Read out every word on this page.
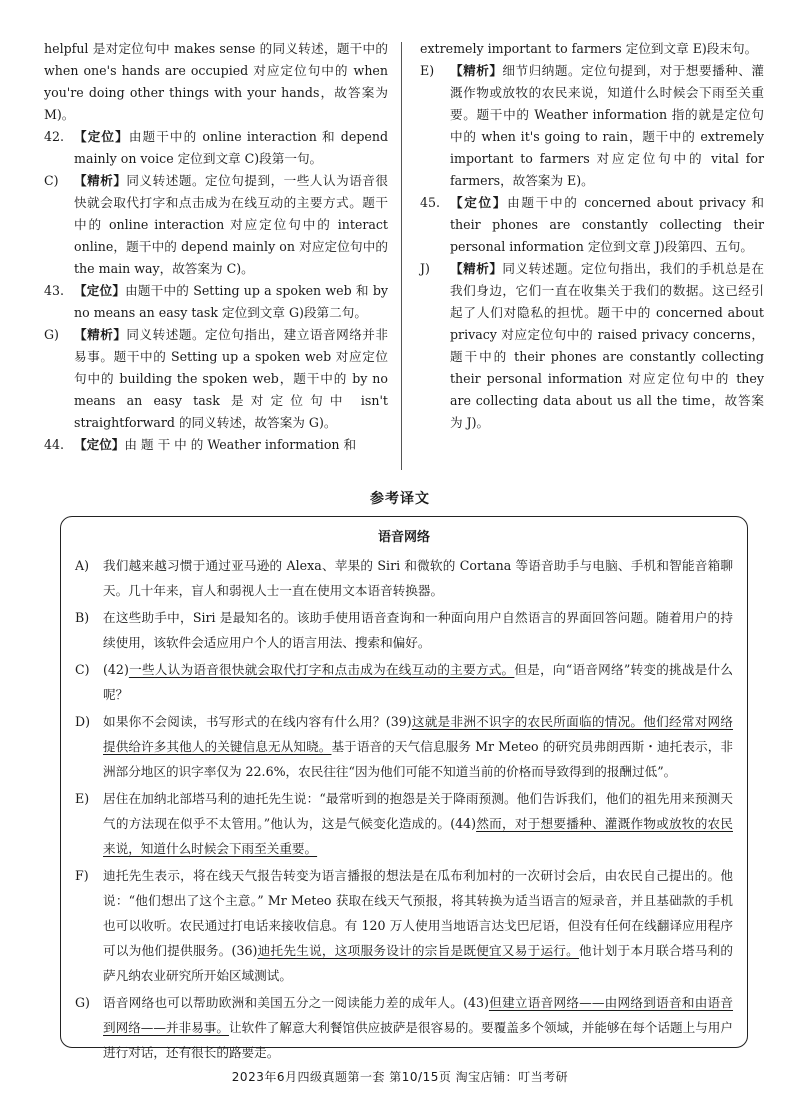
helpful 是对定位句中 makes sense 的同义转述，题干中的 when one's hands are occupied 对应定位句中的 when you're doing other things with your hands，故答案为 M)。
42. 【定位】由题干中的 online interaction 和 depend mainly on voice 定位到文章 C)段第一句。
C)	【精析】同义转述题。定位句提到，一些人认为语音很快就会取代打字和点击成为在线互动的主要方式。题干中的 online interaction 对应定位句中的 interact online，题干中的 depend mainly on 对应定位句中的 the main way，故答案为 C)。
43. 【定位】由题干中的 Setting up a spoken web 和 by no means an easy task 定位到文章 G)段第二句。
G)	【精析】同义转述题。定位句指出，建立语音网络并非易事。题干中的 Setting up a spoken web 对应定位句中的 building the spoken web，题干中的 by no means an easy task 是对定位句中 isn't straightforward 的同义转述，故答案为 G)。
44. 【定位】由 题 干 中 的 Weather information 和
extremely important to farmers 定位到文章 E)段末句。
E)	【精析】细节归纳题。定位句提到，对于想要播种、灌溉作物或放牧的农民来说，知道什么时候会下雨至关重要。题干中的 Weather information 指的就是定位句中的 when it's going to rain，题干中的 extremely important to farmers 对应定位句中的 vital for farmers，故答案为 E)。
45. 【定位】由题干中的 concerned about privacy 和 their phones are constantly collecting their personal information 定位到文章 J)段第四、五句。
J)	【精析】同义转述题。定位句指出，我们的手机总是在我们身边，它们一直在收集关于我们的数据。这已经引起了人们对隐私的担忧。题干中的 concerned about privacy 对应定位句中的 raised privacy concerns，题干中的 their phones are constantly collecting their personal information 对应定位句中的 they are collecting data about us all the time，故答案为 J)。
参考译文
语音网络
A)	我们越来越习惯于通过亚马逊的 Alexa、苹果的 Siri 和微软的 Cortana 等语音助手与电脑、手机和智能音箱聊天。几十年来，盲人和弱视人士一直在使用文本语音转换器。
B)	在这些助手中，Siri 是最知名的。该助手使用语音查询和一种面向用户自然语言的界面回答问题。随着用户的持续使用，该软件会适应用户个人的语言用法、搜索和偏好。
C)	(42)一些人认为语音很快就会取代打字和点击成为在线互动的主要方式。但是，向“语音网络”转变的挑战是什么呢？
D)	如果你不会阅读，书写形式的在线内容有什么用？(39)这就是非洲不识字的农民所面临的情况。他们经常对网络提供给许多其他人的关键信息无从知晓。基于语音的天气信息服务 Mr Meteo 的研究员弗朗西斯・迪托表示，非洲部分地区的识字率仅为 22.6%，农民往往“因为他们可能不知道当前的价格而导致得到的报酬过低”。
E)	居住在加纳北部塔马利的迪托先生说：“最常听到的抱怨是关于降雨预测。他们告诉我们，他们的祖先用来预测天气的方法现在似乎不太管用。”他认为，这是气候变化造成的。(44)然而，对于想要播种、灌溉作物或放牧的农民来说，知道什么时候会下雨至关重要。
F)	迪托先生表示，将在线天气报告转变为语言播报的想法是在瓜布利加村的一次研讨会后，由农民自己提出的。他说：“他们想出了这个主意。” Mr Meteo 获取在线天气预报，将其转换为适当语言的短录音，并且基础款的手机也可以收听。农民通过打电话来接收信息。有 120 万人使用当地语言达戈巴尼语，但没有任何在线翻译应用程序可以为他们提供服务。(36)迪托先生说，这项服务设计的宗旨是既便宜又易于运行。他计划于本月联合塔马利的萨凡纳农业研究所开始区域测试。
G)	语音网络也可以帮助欧洲和美国五分之一阅读能力差的成年人。(43)但建立语音网络——由网络到语音和由语音到网络——并非易事。让软件了解意大利餐馆供应披萨是很容易的。要覆盖多个领域，并能够在每个话题上与用户进行对话，还有很长的路要走。
2023年6月四级真题第一套 第10/15页 淘宝店铺：叮当考研
